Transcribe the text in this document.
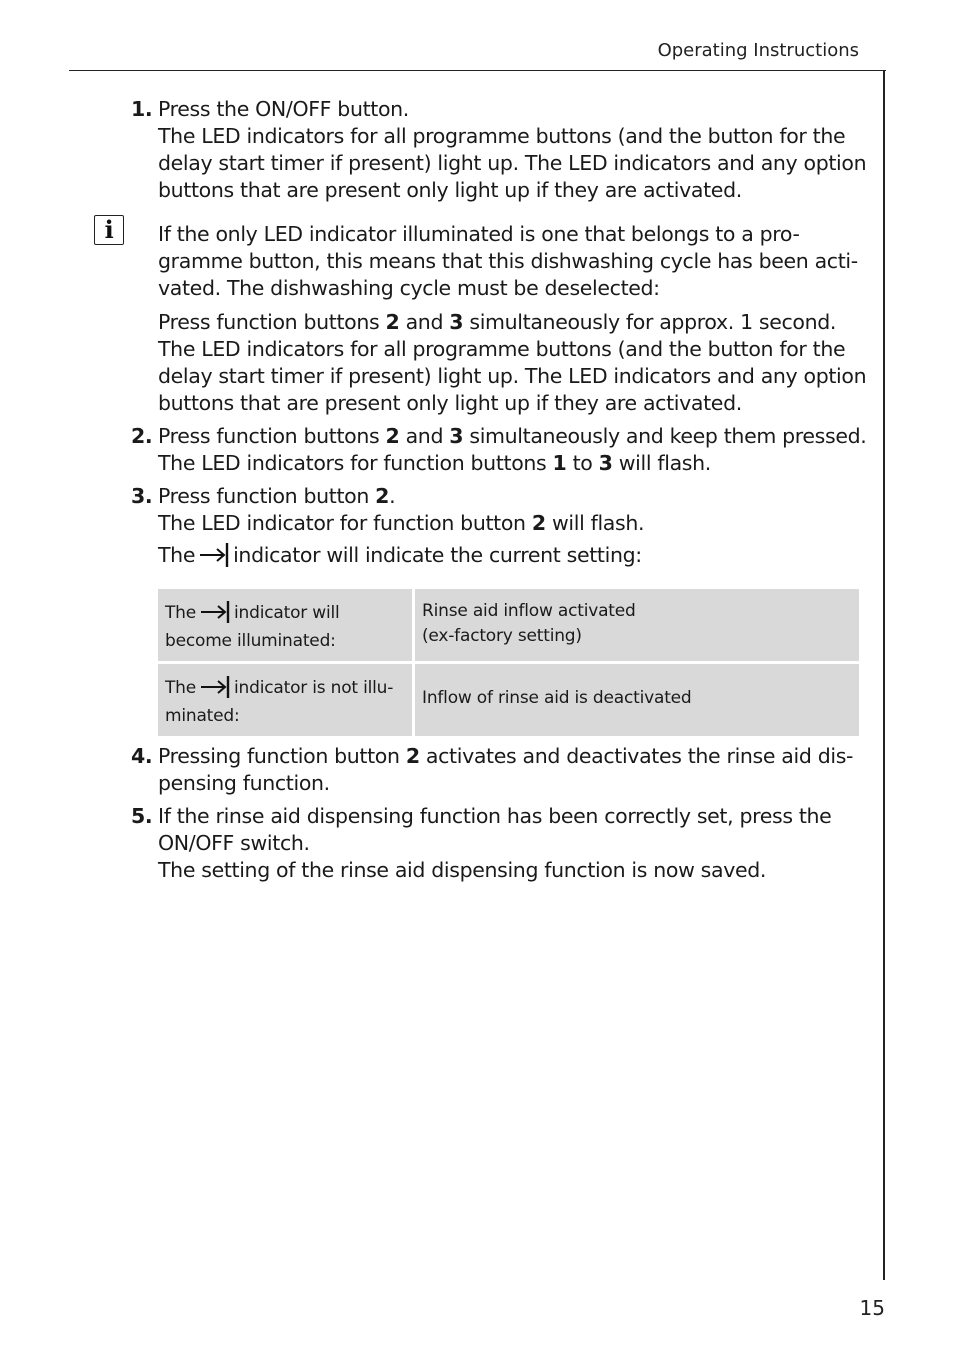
Operating Instructions
1. Press the ON/OFF button.
The LED indicators for all programme buttons (and the button for the
delay start timer if present) light up. The LED indicators and any option
buttons that are present only light up if they are activated.
i	If the only LED indicator illuminated is one that belongs to a pro-
gramme button, this means that this dishwashing cycle has been acti-
vated. The dishwashing cycle must be deselected:
Press function buttons 2 and 3 simultaneously for approx. 1 second.
The LED indicators for all programme buttons (and the button for the
delay start timer if present) light up. The LED indicators and any option
buttons that are present only light up if they are activated.
2. Press function buttons 2 and 3 simultaneously and keep them pressed.
The LED indicators for function buttons 1 to 3 will flash.
3. Press function button 2.
The LED indicator for function button 2 will flash.
The indicator will indicate the current setting:
The indicator will
become illuminated:	Rinse aid inflow activated
(ex-factory setting)

The indicator is not illu-
minated:	Inflow of rinse aid is deactivated
4. Pressing function button 2 activates and deactivates the rinse aid dis-
pensing function.
5. If the rinse aid dispensing function has been correctly set, press the
ON/OFF switch.
The setting of the rinse aid dispensing function is now saved.
15
